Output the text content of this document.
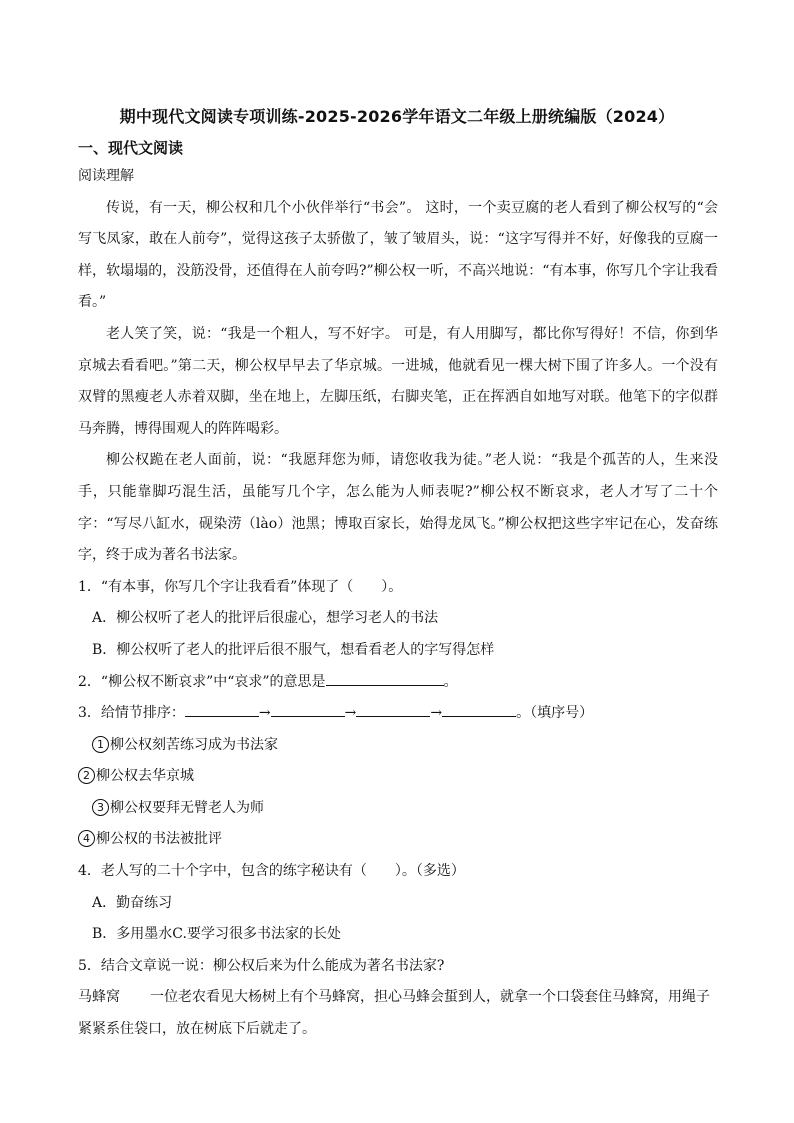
期中现代文阅读专项训练-2025-2026学年语文二年级上册统编版（2024）
一、现代文阅读

阅读理解

传说，有一天，柳公权和几个小伙伴举行“书会”。 这时，一个卖豆腐的老人看到了柳公权写的“会写飞凤家，敢在人前夸”，觉得这孩子太骄傲了，皱了皱眉头，说：“这字写得并不好，好像我的豆腐一样，软塌塌的，没筋没骨，还值得在人前夸吗?”柳公权一听，不高兴地说：“有本事，你写几个字让我看看。”

老人笑了笑，说：“我是一个粗人，写不好字。 可是，有人用脚写，都比你写得好！不信，你到华京城去看看吧。”第二天，柳公权早早去了华京城。一进城，他就看见一棵大树下围了许多人。一个没有双臂的黑瘦老人赤着双脚，坐在地上，左脚压纸，右脚夹笔，正在挥洒自如地写对联。他笔下的字似群马奔腾，博得围观人的阵阵喝彩。

柳公权跪在老人面前，说：“我愿拜您为师，请您收我为徒。”老人说：“我是个孤苦的人，生来没手，只能靠脚巧混生活，虽能写几个字，怎么能为人师表呢?”柳公权不断哀求，老人才写了二十个字：“写尽八缸水，砚染涝（lào）池黑；博取百家长，始得龙凤飞。”柳公权把这些字牢记在心，发奋练字，终于成为著名书法家。

1．“有本事，你写几个字让我看看”体现了（　　）。

A．柳公权听了老人的批评后很虚心，想学习老人的书法

B．柳公权听了老人的批评后很不服气，想看看老人的字写得怎样

2．“柳公权不断哀求”中“哀求”的意思是	。

3．给情节排序：	→	→	→	。（填序号）

1 柳公权刻苦练习成为书法家

2 柳公权去华京城

3 柳公权要拜无臂老人为师

4 柳公权的书法被批评

4．老人写的二十个字中，包含的练字秘诀有（　　）。（多选）

A．勤奋练习

B．多用墨水C.要学习很多书法家的长处

5．结合文章说一说：柳公权后来为什么能成为著名书法家?

马蜂窝 一位老农看见大杨树上有个马蜂窝，担心马蜂会蜇到人，就拿一个口袋套住马蜂窝，用绳子紧紧系住袋口，放在树底下后就走了。
